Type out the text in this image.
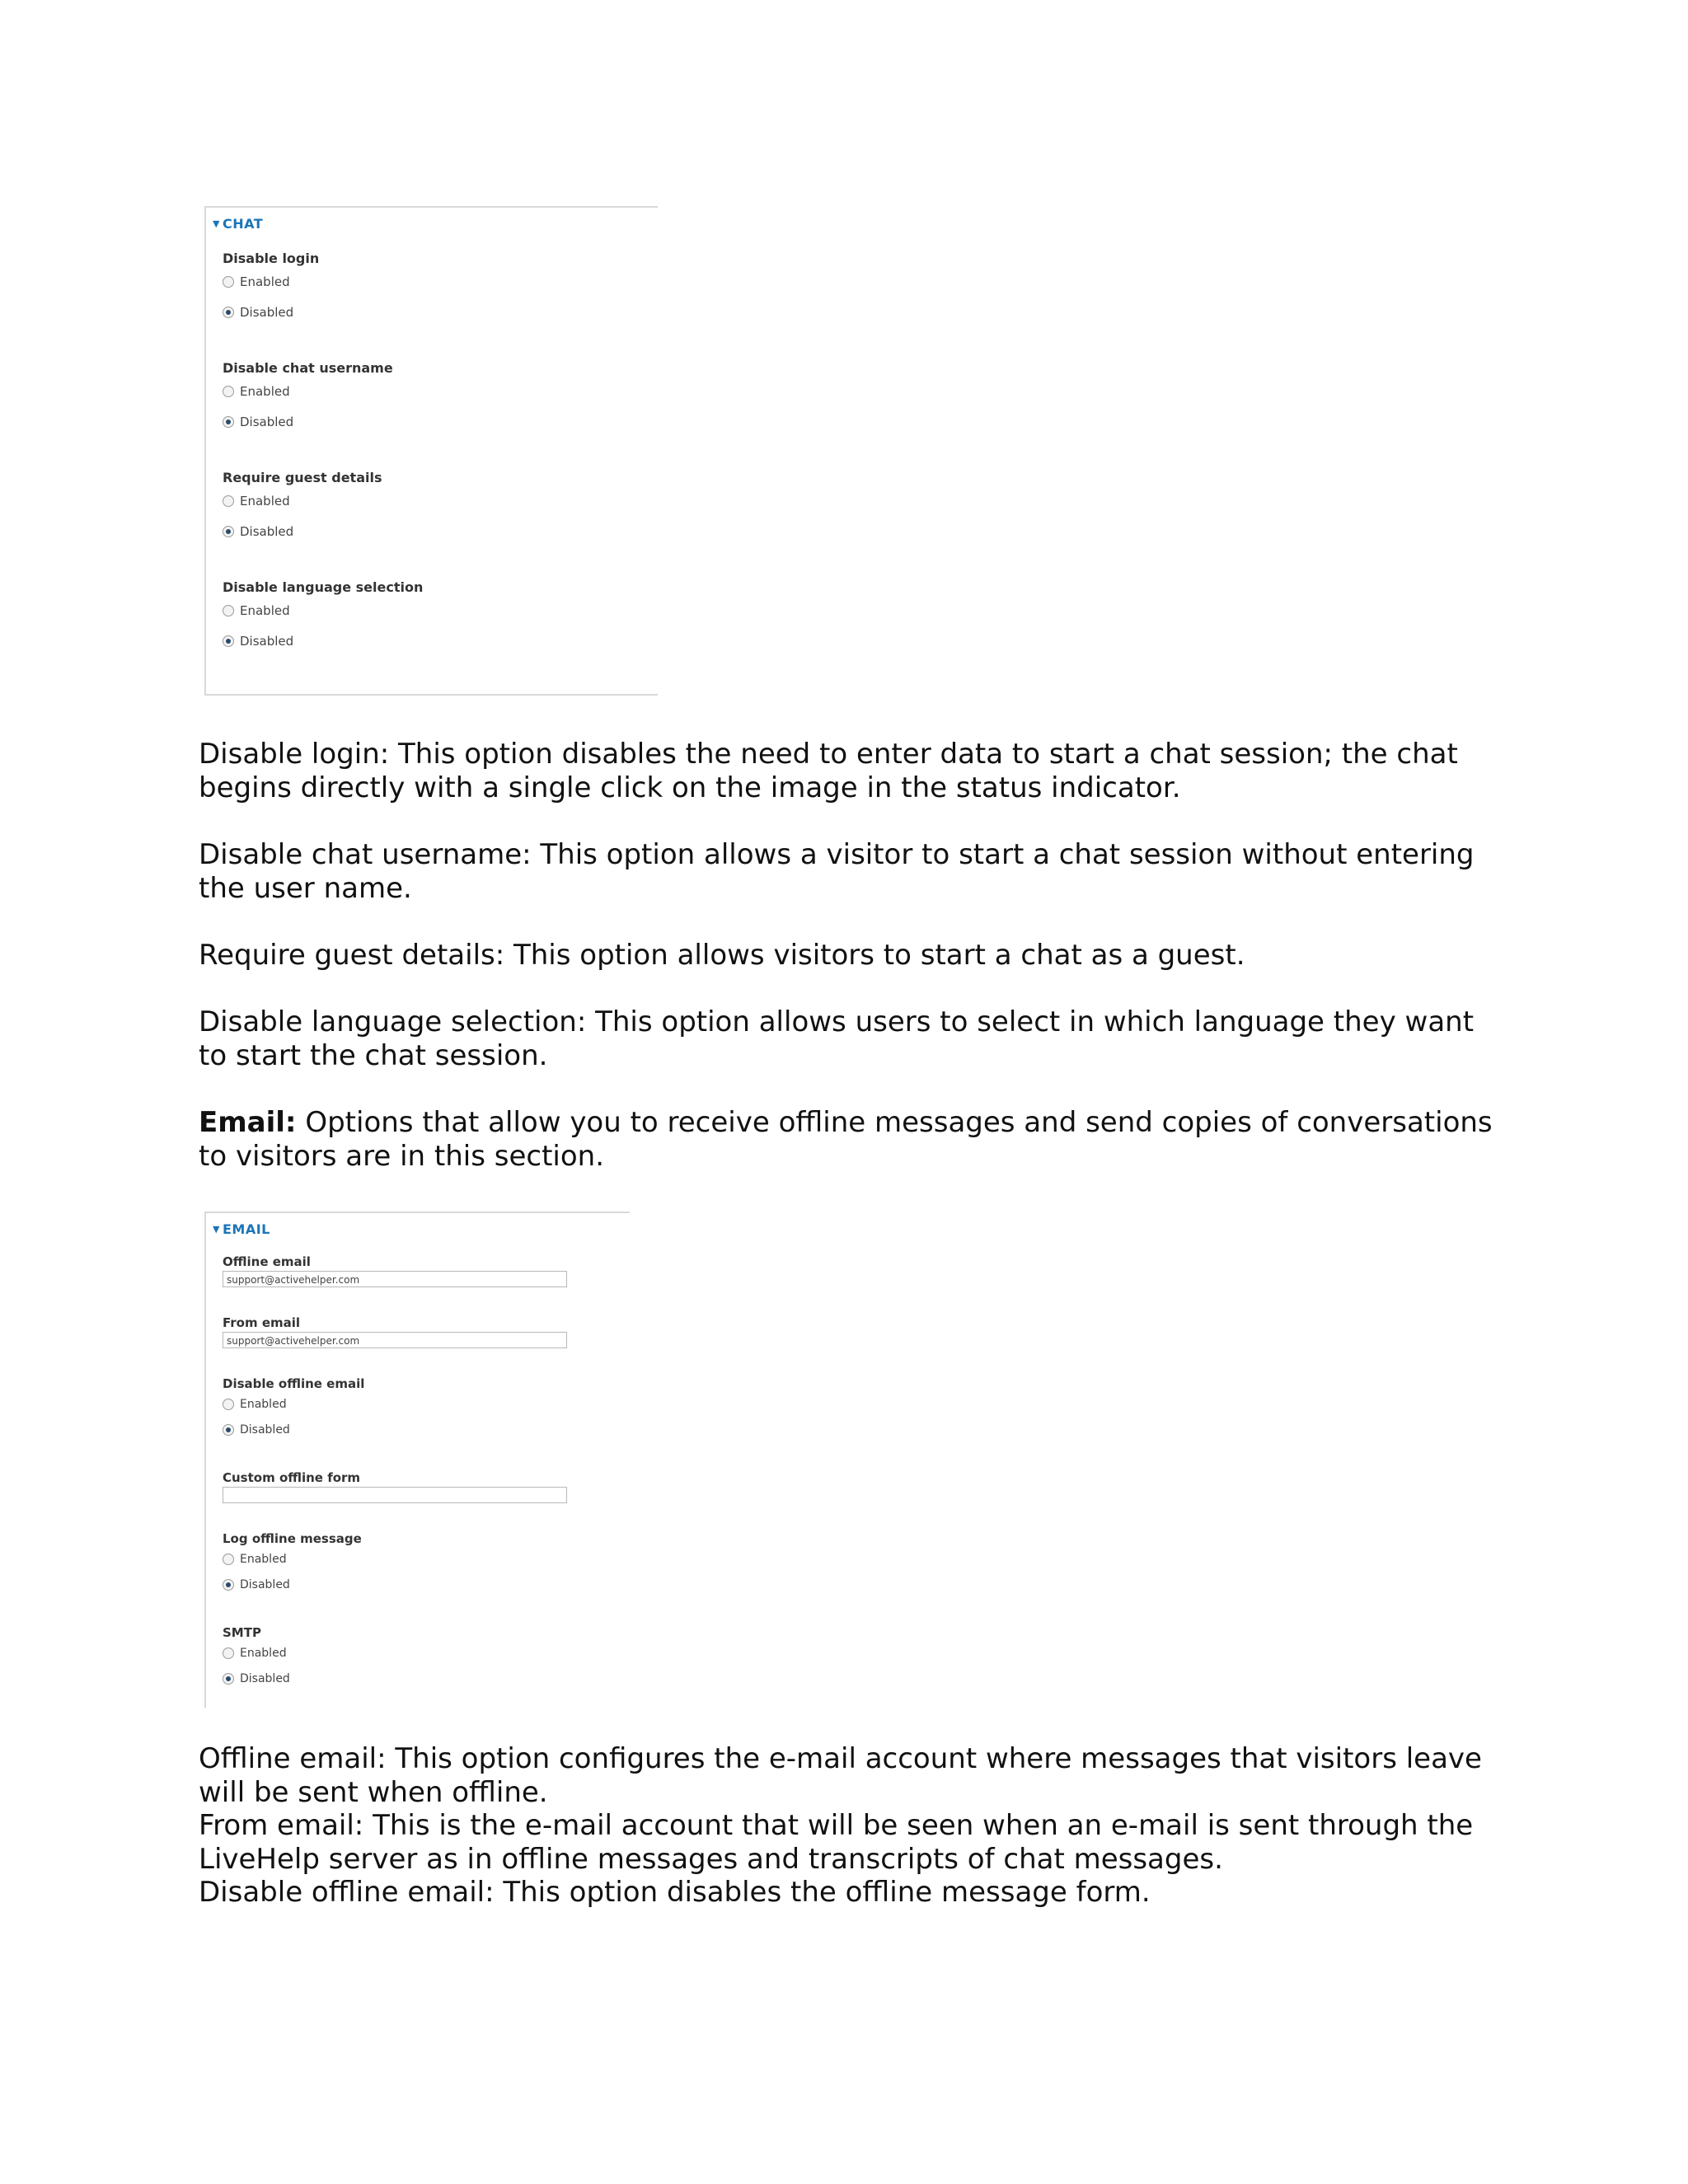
▼ CHAT
Disable login
Enabled
Disabled
Disable chat username
Enabled
Disabled
Require guest details
Enabled
Disabled
Disable language selection
Enabled
Disabled
Disable login: This option disables the need to enter data to start a chat session; the chat begins directly with a single click on the image in the status indicator.
Disable chat username: This option allows a visitor to start a chat session without entering the user name.
Require guest details: This option allows visitors to start a chat as a guest.
Disable language selection: This option allows users to select in which language they want to start the chat session.
Email: Options that allow you to receive offline messages and send copies of conversations to visitors are in this section.
▼ EMAIL
Offline email
support@activehelper.com
From email
support@activehelper.com
Disable offline email
Enabled
Disabled
Custom offline form
Log offline message
Enabled
Disabled
SMTP
Enabled
Disabled
Offline email: This option configures the e-mail account where messages that visitors leave will be sent when offline.
From email: This is the e-mail account that will be seen when an e-mail is sent through the LiveHelp server as in offline messages and transcripts of chat messages.
Disable offline email: This option disables the offline message form.
